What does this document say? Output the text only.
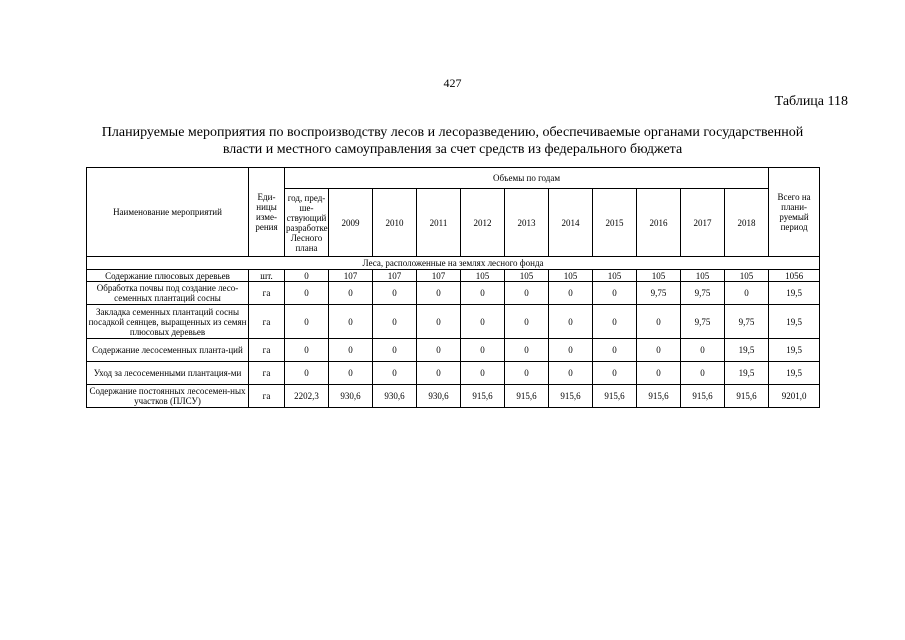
427
Таблица 118
Планируемые мероприятия по воспроизводству лесов и лесоразведению, обеспечиваемые органами государственной
власти и местного самоуправления за счет средств из федерального бюджета
Наименование мероприятий	Еди-ницы изме-рения	Объемы по годам											Всего на плани-руемый период
		год, пред-ше-ствующий разработке Лесного плана	2009	2010	2011	2012	2013	2014	2015	2016	2017	2018	
Леса, расположенные на землях лесного фонда													
Содержание плюсовых деревьев	шт.	0	107	107	107	105	105	105	105	105	105	105	1056
Обработка почвы под создание лесо-семенных плантаций сосны	га	0	0	0	0	0	0	0	0	9,75	9,75	0	19,5
Закладка семенных плантаций сосны посадкой сеянцев, выращенных из семян плюсовых деревьев	га	0	0	0	0	0	0	0	0	0	9,75	9,75	19,5
Содержание лесосеменных планта-ций	га	0	0	0	0	0	0	0	0	0	0	19,5	19,5
Уход за лесосеменными плантация-ми	га	0	0	0	0	0	0	0	0	0	0	19,5	19,5
Содержание постоянных лесосемен-ных участков (ПЛСУ)	га	2202,3	930,6	930,6	930,6	915,6	915,6	915,6	915,6	915,6	915,6	915,6	9201,0
